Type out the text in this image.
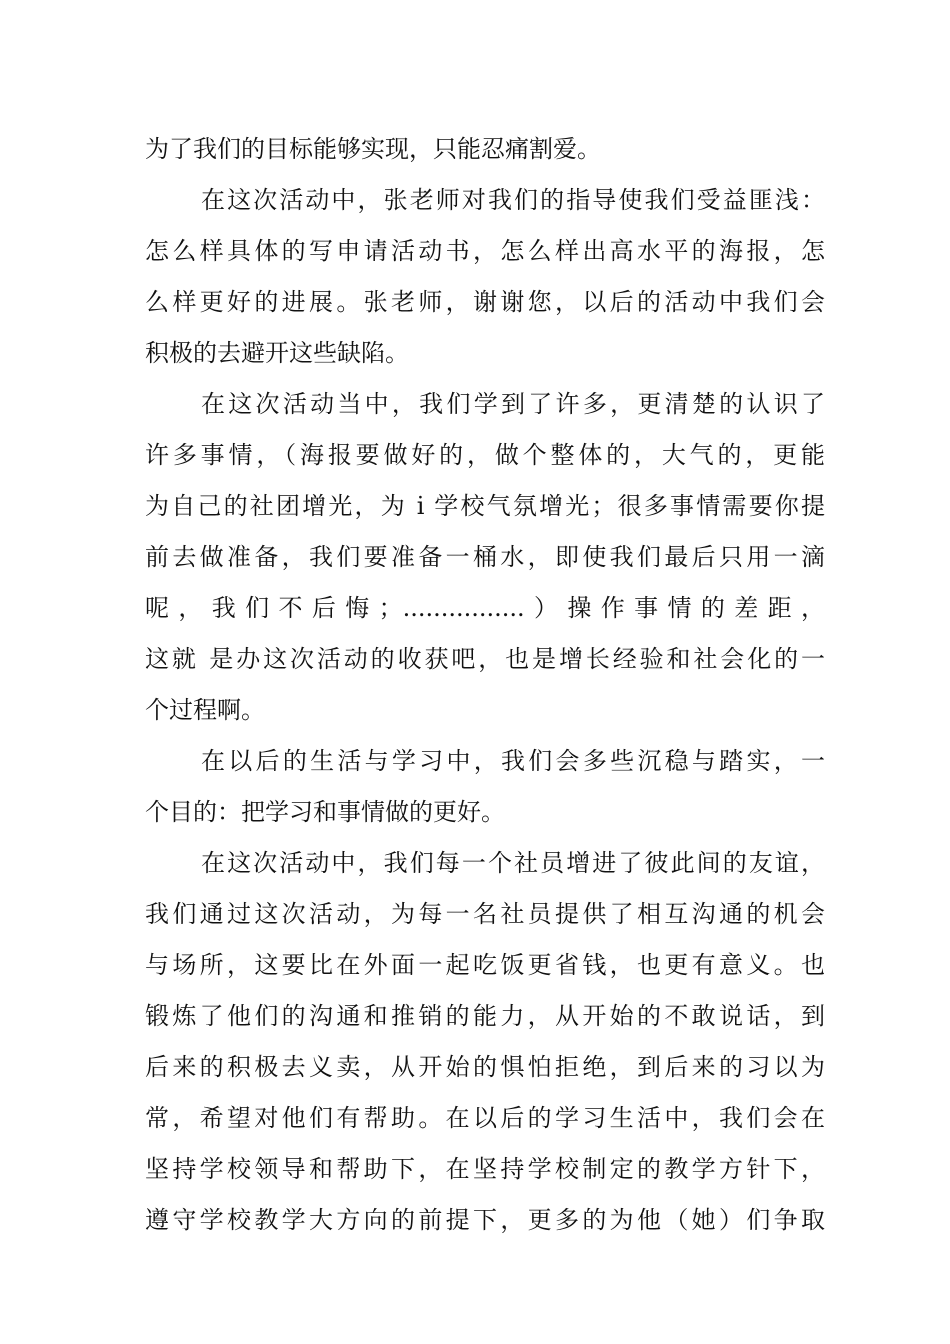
为了我们的目标能够实现，只能忍痛割爱。
在这次活动中，张老师对我们的指导使我们受益匪浅：
怎么样具体的写申请活动书，怎么样出高水平的海报，怎
么样更好的进展。张老师，谢谢您，以后的活动中我们会
积极的去避开这些缺陷。
在这次活动当中，我们学到了许多，更清楚的认识了
许多事情，（海报要做好的，做个整体的，大气的，更能
为自己的社团增光，为 i 学校气氛增光；很多事情需要你提
前去做准备，我们要准备一桶水，即使我们最后只用一滴
呢，我们不后悔；................）操作事情的差距，
这就 是办这次活动的收获吧，也是增长经验和社会化的一
个过程啊。
在以后的生活与学习中，我们会多些沉稳与踏实，一
个目的：把学习和事情做的更好。
在这次活动中，我们每一个社员增进了彼此间的友谊，
我们通过这次活动，为每一名社员提供了相互沟通的机会
与场所，这要比在外面一起吃饭更省钱，也更有意义。也
锻炼了他们的沟通和推销的能力，从开始的不敢说话，到
后来的积极去义卖，从开始的惧怕拒绝，到后来的习以为
常，希望对他们有帮助。在以后的学习生活中，我们会在
坚持学校领导和帮助下，在坚持学校制定的教学方针下，
遵守学校教学大方向的前提下，更多的为他（她）们争取
